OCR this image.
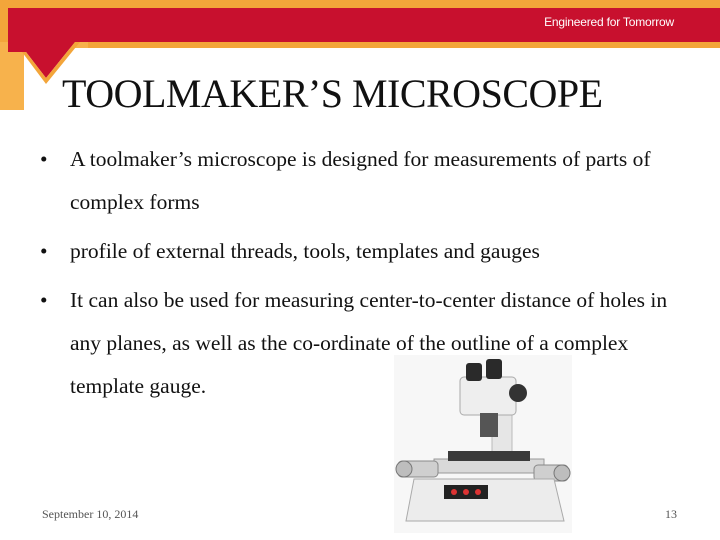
Engineered for Tomorrow
TOOLMAKER’S MICROSCOPE
• A toolmaker’s microscope is designed for measurements of parts of complex forms
• profile of external threads, tools, templates and gauges
• It can also be used for measuring center-to-center distance of holes in any planes, as well as the co-ordinate of the outline of a complex template gauge.
September 10, 2014	13
